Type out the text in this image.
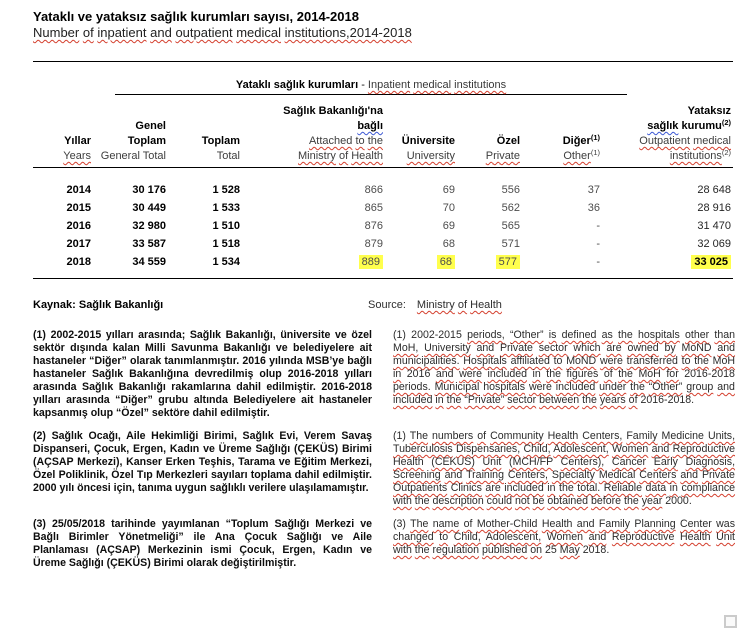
Yataklı ve yataksız sağlık kurumları sayısı, 2014-2018
Number of inpatient and outpatient medical institutions,2014-2018
Yataklı sağlık kurumları - Inpatient medical institutions
Yıllar
Years

Genel
Toplam
General Total

Toplam
Total

Sağlık Bakanlığı'na
bağlı
Attached to the
Ministry of Health

Üniversite
University

Özel
Private

Diğer$^{(1)}$
Other$^{(1)}$

Yataksız
sağlık kurumu$^{(2)}$
Outpatient medical
institutions$^{(2)}$

2014	30 176	1 528	866	69	556	37	28 648
2015	30 449	1 533	865	70	562	36	28 916
2016	32 980	1 510	876	69	565	-	31 470
2017	33 587	1 518	879	68	571	-	32 069
2018	34 559	1 534	889	68	577	-	33 025
Kaynak: Sağlık Bakanlığı	Source: Ministry of Health

(1) 2002-2015 yılları arasında; Sağlık Bakanlığı, üniversite ve özel sektör dışında kalan Milli Savunma Bakanlığı ve belediyelere ait hastaneler “Diğer” olarak tanımlanmıştır. 2016 yılında MSB’ye bağlı hastaneler Sağlık Bakanlığına devredilmiş olup 2016-2018 yılları arasında Sağlık Bakanlığı rakamlarına dahil edilmiştir. 2016-2018 yılları arasında “Diğer” grubu altında Belediyelere ait hastaneler kapsanmış olup “Özel” sektöre dahil edilmiştir.

(1) 2002-2015 periods, “Other” is defined as the hospitals other than MoH, University and Private sector which are owned by MoND and municipalities. Hospitals affiliated to MoND were transferred to the MoH in 2016 and were included in the figures of the MoH for 2016-2018 periods. Municipal hospitals were included under the “Other” group and included in the “Private” sector between the years of 2016-2018.

(2) Sağlık Ocağı, Aile Hekimliği Birimi, Sağlık Evi, Verem Savaş Dispanseri, Çocuk, Ergen, Kadın ve Üreme Sağlığı (ÇEKÜS) Birimi (AÇSAP Merkezi), Kanser Erken Teşhis, Tarama ve Eğitim Merkezi, Özel Poliklinik, Özel Tıp Merkezleri sayıları toplama dahil edilmiştir. 2000 yılı öncesi için, tanıma uygun sağlıklı verilere ulaşılamamıştır.

(1) The numbers of Community Health Centers, Family Medicine Units, Tuberculosis Dispensaries, Child, Adolescent, Women and Reproductive Health (CEKUS) Unit (MCH/FP Centers), Cancer Early Diagnosis, Screening and Training Centers, Specialty Medical Centers and Private Outpatients Clinics are included in the total. Reliable data in compliance with the description could not be obtained before the year 2000.

(3) 25/05/2018 tarihinde yayımlanan “Toplum Sağlığı Merkezi ve Bağlı Birimler Yönetmeliği” ile Ana Çocuk Sağlığı ve Aile Planlaması (AÇSAP) Merkezinin ismi Çocuk, Ergen, Kadın ve Üreme Sağlığı (ÇEKÜS) Birimi olarak değiştirilmiştir.

(3) The name of Mother-Child Health and Family Planning Center was changed to Child, Adolescent, Women and Reproductive Health Unit with the regulation published on 25 May 2018.
